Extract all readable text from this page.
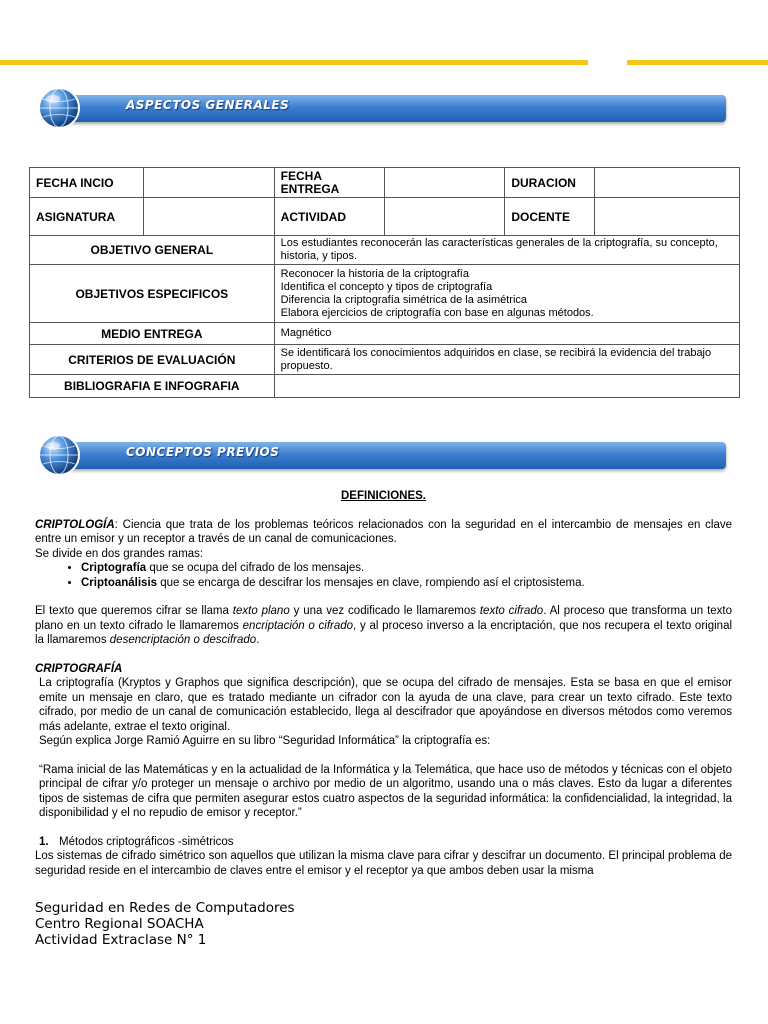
ASPECTOS GENERALES
FECHA INCIO		FECHA ENTREGA		DURACION	
ASIGNATURA		ACTIVIDAD		DOCENTE	
OBJETIVO GENERAL		Los estudiantes reconocerán las características generales de la criptografía, su concepto, historia, y tipos.			
OBJETIVOS ESPECIFICOS		Reconocer la historia de la criptografía
Identifica el concepto y tipos de criptografía
Diferencia la criptografía simétrica de la asimétrica
Elabora ejercicios de criptografía con base en algunas métodos.			

MEDIO ENTREGA		Magnético			
CRITERIOS DE EVALUACIÓN		Se identificará los conocimientos adquiridos en clase, se recibirá la evidencia del trabajo propuesto.			
BIBLIOGRAFIA E INFOGRAFIA					
CONCEPTOS PREVIOS

DEFINICIONES.

CRIPTOLOGÍA: Ciencia que trata de los problemas teóricos relacionados con la seguridad en el intercambio de mensajes en clave entre un emisor y un receptor a través de un canal de comunicaciones.

Se divide en dos grandes ramas:

• Criptografía que se ocupa del cifrado de los mensajes.
• Criptoanálisis que se encarga de descifrar los mensajes en clave, rompiendo así el criptosistema.

El texto que queremos cifrar se llama texto plano y una vez codificado le llamaremos texto cifrado. Al proceso que transforma un texto plano en un texto cifrado le llamaremos encriptación o cifrado, y al proceso inverso a la encriptación, que nos recupera el texto original la llamaremos desencriptación o descifrado.

CRIPTOGRAFÍA

La criptografía (Kryptos y Graphos que significa descripción), que se ocupa del cifrado de mensajes. Esta se basa en que el emisor emite un mensaje en claro, que es tratado mediante un cifrador con la ayuda de una clave, para crear un texto cifrado. Este texto cifrado, por medio de un canal de comunicación establecido, llega al descifrador que apoyándose en diversos métodos como veremos más adelante, extrae el texto original.

Según explica Jorge Ramió Aguirre en su libro “Seguridad Informática” la criptografía es:

“Rama inicial de las Matemáticas y en la actualidad de la Informática y la Telemática, que hace uso de métodos y técnicas con el objeto principal de cifrar y/o proteger un mensaje o archivo por medio de un algoritmo, usando una o más claves. Esto da lugar a diferentes tipos de sistemas de cifra que permiten asegurar estos cuatro aspectos de la seguridad informática: la confidencialidad, la integridad, la disponibilidad y el no repudio de emisor y receptor.”

1. Métodos criptográficos -simétricos

Los sistemas de cifrado simétrico son aquellos que utilizan la misma clave para cifrar y descifrar un documento. El principal problema de seguridad reside en el intercambio de claves entre el emisor y el receptor ya que ambos deben usar la misma

Seguridad en Redes de Computadores
Centro Regional SOACHA
Actividad Extraclase N° 1
